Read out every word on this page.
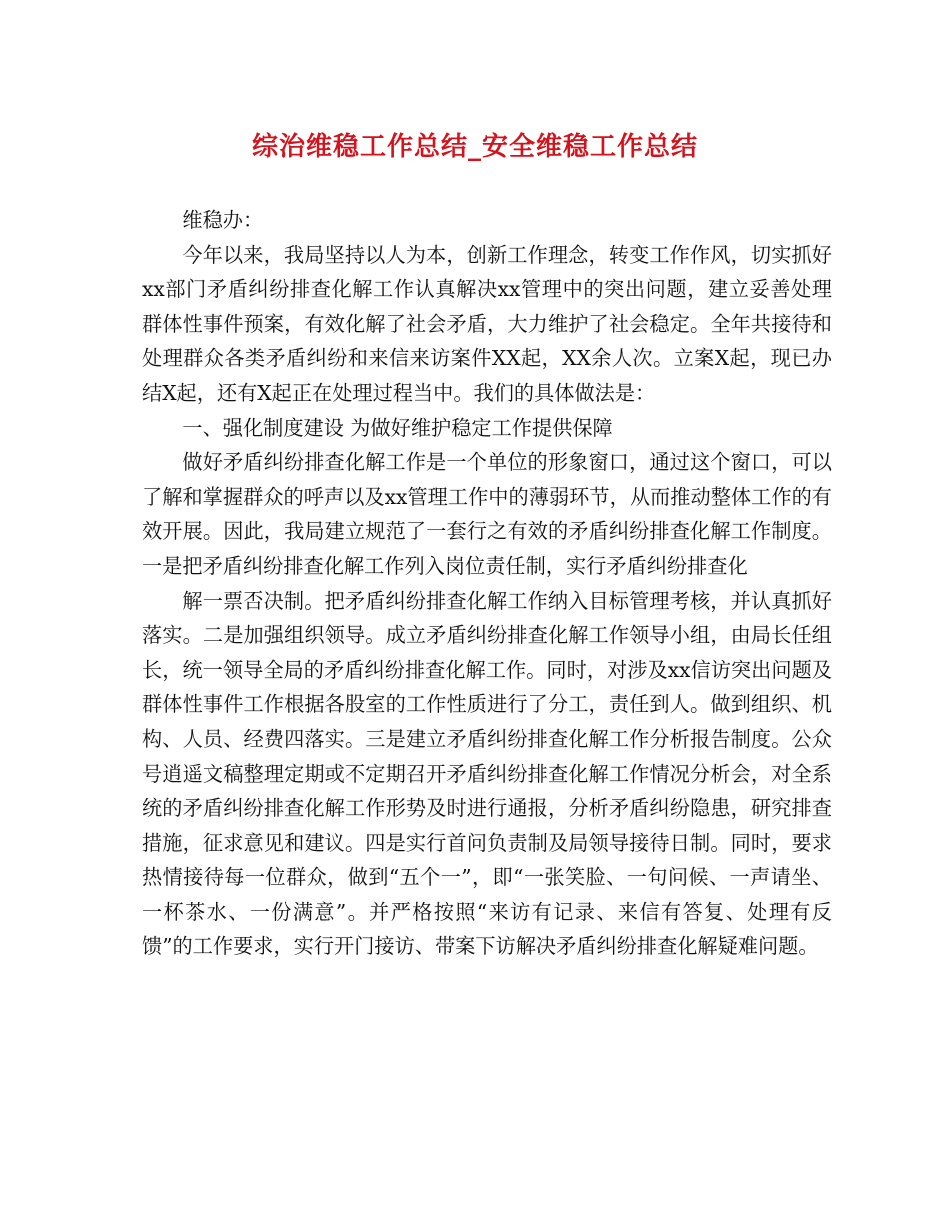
综治维稳工作总结_安全维稳工作总结

维稳办：

今年以来，我局坚持以人为本，创新工作理念，转变工作作风，切实抓好xx部门矛盾纠纷排查化解工作认真解决xx管理中的突出问题，建立妥善处理群体性事件预案，有效化解了社会矛盾，大力维护了社会稳定。全年共接待和处理群众各类矛盾纠纷和来信来访案件XX起，XX余人次。立案X起，现已办结X起，还有X起正在处理过程当中。我们的具体做法是：

一、强化制度建设 为做好维护稳定工作提供保障

做好矛盾纠纷排查化解工作是一个单位的形象窗口，通过这个窗口，可以了解和掌握群众的呼声以及xx管理工作中的薄弱环节，从而推动整体工作的有效开展。因此，我局建立规范了一套行之有效的矛盾纠纷排查化解工作制度。一是把矛盾纠纷排查化解工作列入岗位责任制，实行矛盾纠纷排查化

解一票否决制。把矛盾纠纷排查化解工作纳入目标管理考核，并认真抓好落实。二是加强组织领导。成立矛盾纠纷排查化解工作领导小组，由局长任组长，统一领导全局的矛盾纠纷排查化解工作。同时，对涉及xx信访突出问题及群体性事件工作根据各股室的工作性质进行了分工，责任到人。做到组织、机构、人员、经费四落实。三是建立矛盾纠纷排查化解工作分析报告制度。公众号逍遥文稿整理定期或不定期召开矛盾纠纷排查化解工作情况分析会，对全系统的矛盾纠纷排查化解工作形势及时进行通报，分析矛盾纠纷隐患，研究排查措施，征求意见和建议。四是实行首问负责制及局领导接待日制。同时，要求热情接待每一位群众，做到“五个一”，即“一张笑脸、一句问候、一声请坐、一杯茶水、一份满意”。并严格按照“来访有记录、来信有答复、处理有反馈”的工作要求，实行开门接访、带案下访解决矛盾纠纷排查化解疑难问题。
